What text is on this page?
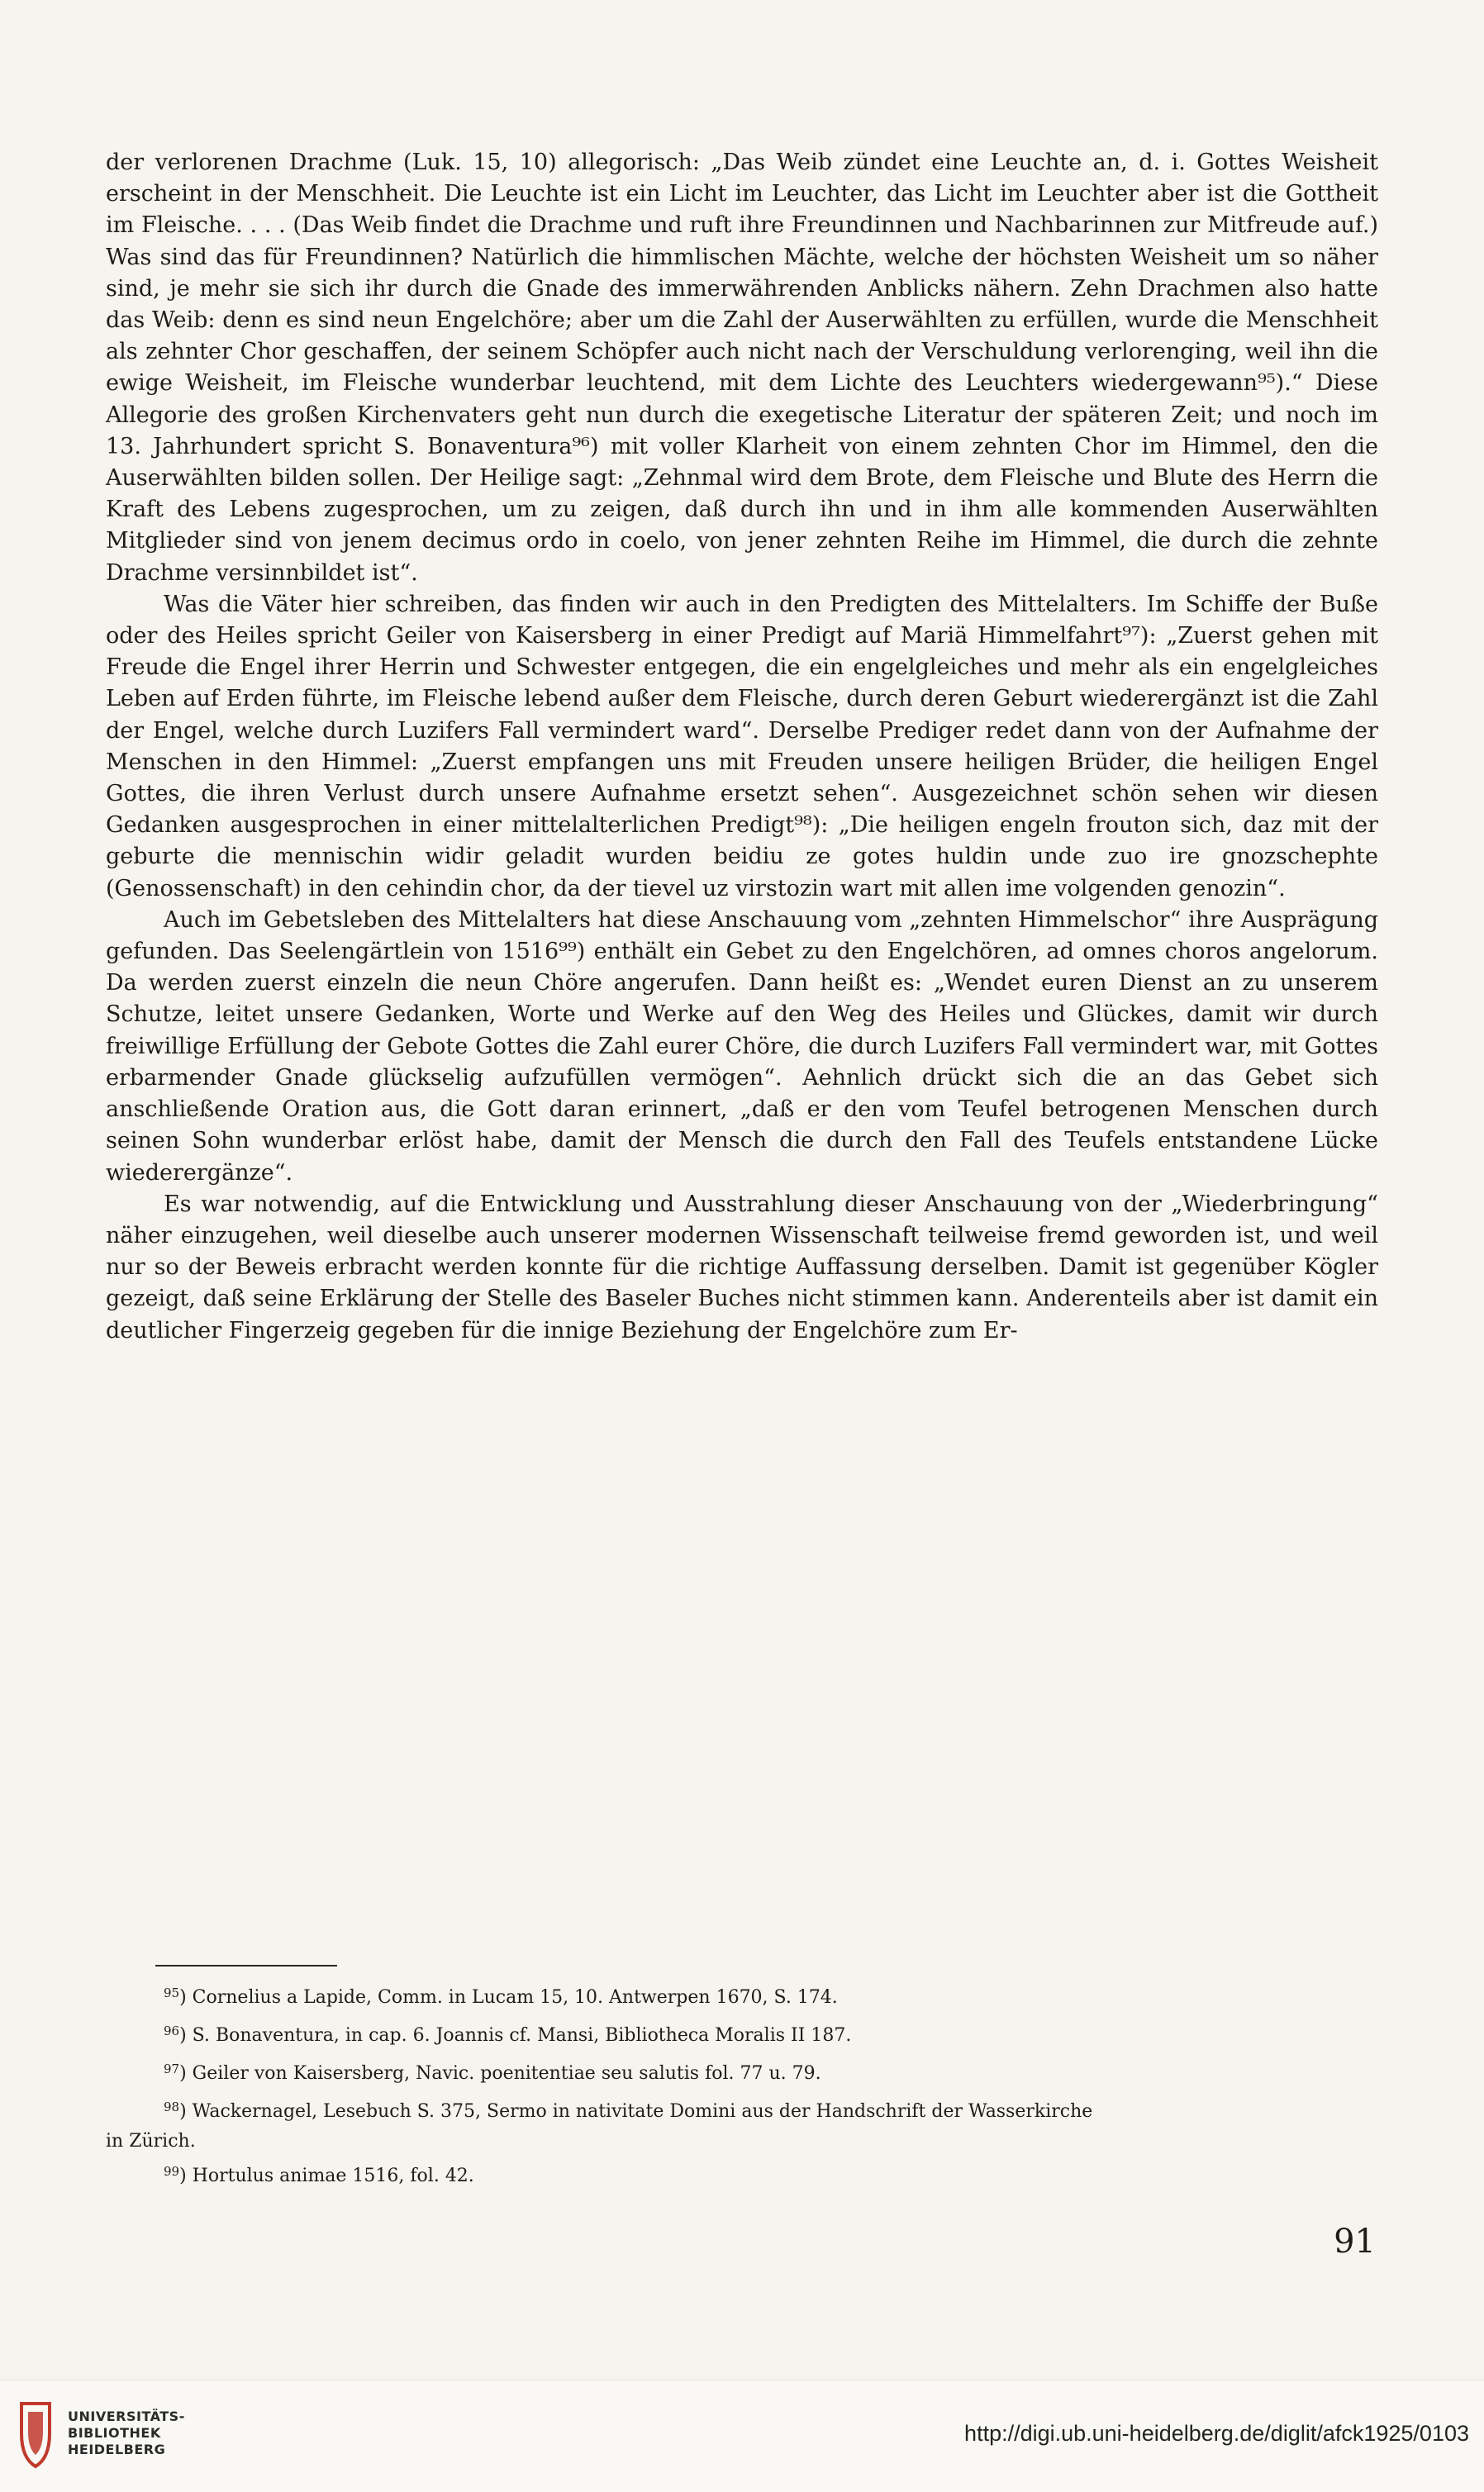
der verlorenen Drachme (Luk. 15, 10) allegorisch: „Das Weib zündet eine Leuchte an, d. i. Gottes Weisheit erscheint in der Menschheit. Die Leuchte ist ein Licht im Leuchter, das Licht im Leuchter aber ist die Gottheit im Fleische. . . . (Das Weib findet die Drachme und ruft ihre Freundinnen und Nachbarinnen zur Mitfreude auf.) Was sind das für Freundinnen? Natürlich die himmlischen Mächte, welche der höchsten Weisheit um so näher sind, je mehr sie sich ihr durch die Gnade des immerwährenden Anblicks nähern. Zehn Drachmen also hatte das Weib: denn es sind neun Engelchöre; aber um die Zahl der Auserwählten zu erfüllen, wurde die Menschheit als zehnter Chor geschaffen, der seinem Schöpfer auch nicht nach der Verschuldung verlorenging, weil ihn die ewige Weisheit, im Fleische wunderbar leuchtend, mit dem Lichte des Leuchters wiedergewann⁹⁵).“ Diese Allegorie des großen Kirchenvaters geht nun durch die exegetische Literatur der späteren Zeit; und noch im 13. Jahrhundert spricht S. Bonaventura⁹⁶) mit voller Klarheit von einem zehnten Chor im Himmel, den die Auserwählten bilden sollen. Der Heilige sagt: „Zehnmal wird dem Brote, dem Fleische und Blute des Herrn die Kraft des Lebens zugesprochen, um zu zeigen, daß durch ihn und in ihm alle kommenden Auserwählten Mitglieder sind von jenem decimus ordo in coelo, von jener zehnten Reihe im Himmel, die durch die zehnte Drachme versinnbildet ist“.

Was die Väter hier schreiben, das finden wir auch in den Predigten des Mittelalters. Im Schiffe der Buße oder des Heiles spricht Geiler von Kaisersberg in einer Predigt auf Mariä Himmelfahrt⁹⁷): „Zuerst gehen mit Freude die Engel ihrer Herrin und Schwester entgegen, die ein engelgleiches und mehr als ein engelgleiches Leben auf Erden führte, im Fleische lebend außer dem Fleische, durch deren Geburt wiederergänzt ist die Zahl der Engel, welche durch Luzifers Fall vermindert ward“. Derselbe Prediger redet dann von der Aufnahme der Menschen in den Himmel: „Zuerst empfangen uns mit Freuden unsere heiligen Brüder, die heiligen Engel Gottes, die ihren Verlust durch unsere Aufnahme ersetzt sehen“. Ausgezeichnet schön sehen wir diesen Gedanken ausgesprochen in einer mittelalterlichen Predigt⁹⁸): „Die heiligen engeln frouton sich, daz mit der geburte die mennischin widir geladit wurden beidiu ze gotes huldin unde zuo ire gnozschephte (Genossenschaft) in den cehindin chor, da der tievel uz virstozin wart mit allen ime volgenden genozin“.

Auch im Gebetsleben des Mittelalters hat diese Anschauung vom „zehnten Himmelschor“ ihre Ausprägung gefunden. Das Seelengärtlein von 1516⁹⁹) enthält ein Gebet zu den Engelchören, ad omnes choros angelorum. Da werden zuerst einzeln die neun Chöre angerufen. Dann heißt es: „Wendet euren Dienst an zu unserem Schutze, leitet unsere Gedanken, Worte und Werke auf den Weg des Heiles und Glückes, damit wir durch freiwillige Erfüllung der Gebote Gottes die Zahl eurer Chöre, die durch Luzifers Fall vermindert war, mit Gottes erbarmender Gnade glückselig aufzufüllen vermögen“. Aehnlich drückt sich die an das Gebet sich anschließende Oration aus, die Gott daran erinnert, „daß er den vom Teufel betrogenen Menschen durch seinen Sohn wunderbar erlöst habe, damit der Mensch die durch den Fall des Teufels entstandene Lücke wiederergänze“.

Es war notwendig, auf die Entwicklung und Ausstrahlung dieser Anschauung von der „Wiederbringung“ näher einzugehen, weil dieselbe auch unserer modernen Wissenschaft teilweise fremd geworden ist, und weil nur so der Beweis erbracht werden konnte für die richtige Auffassung derselben. Damit ist gegenüber Kögler gezeigt, daß seine Erklärung der Stelle des Baseler Buches nicht stimmen kann. Anderenteils aber ist damit ein deutlicher Fingerzeig gegeben für die innige Beziehung der Engelchöre zum Er-

$^{95}$) Cornelius a Lapide, Comm. in Lucam 15, 10. Antwerpen 1670, S. 174.

$^{96}$) S. Bonaventura, in cap. 6. Joannis cf. Mansi, Bibliotheca Moralis II 187.

$^{97}$) Geiler von Kaisersberg, Navic. poenitentiae seu salutis fol. 77 u. 79.

$^{98}$) Wackernagel, Lesebuch S. 375, Sermo in nativitate Domini aus der Handschrift der Wasserkirche

in Zürich.

$^{99}$) Hortulus animae 1516, fol. 42.

91
UNIVERSITÄTS-
BIBLIOTHEK
HEIDELBERG
http://digi.ub.uni-heidelberg.de/diglit/afck1925/0103
